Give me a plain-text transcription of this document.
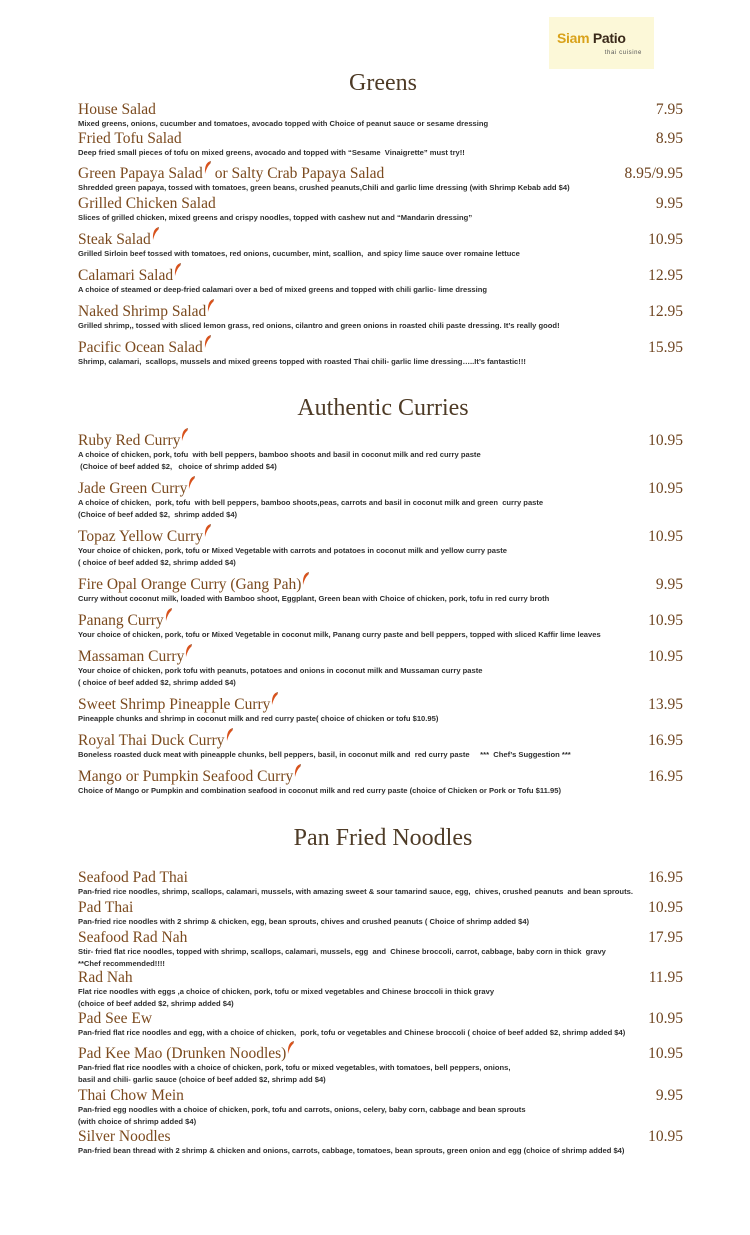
Siam Patio
thai cuisine
Greens
House Salad	7.95
Mixed greens, onions, cucumber and tomatoes, avocado topped with Choice of peanut sauce or sesame dressing
Fried Tofu Salad	8.95
Deep fried small pieces of tofu on mixed greens, avocado and topped with “Sesame  Vinaigrette” must try!!
Green Papaya Salad or Salty Crab Papaya Salad	8.95/9.95
Shredded green papaya, tossed with tomatoes, green beans, crushed peanuts,Chili and garlic lime dressing (with Shrimp Kebab add $4)
Grilled Chicken Salad	9.95
Slices of grilled chicken, mixed greens and crispy noodles, topped with cashew nut and “Mandarin dressing”
Steak Salad	10.95
Grilled Sirloin beef tossed with tomatoes, red onions, cucumber, mint, scallion,  and spicy lime sauce over romaine lettuce
Calamari Salad	12.95
A choice of steamed or deep-fried calamari over a bed of mixed greens and topped with chili garlic- lime dressing
Naked Shrimp Salad	12.95
Grilled shrimp,, tossed with sliced lemon grass, red onions, cilantro and green onions in roasted chili paste dressing. It’s really good!
Pacific Ocean Salad	15.95
Shrimp, calamari,  scallops, mussels and mixed greens topped with roasted Thai chili- garlic lime dressing…..It’s fantastic!!!
Authentic Curries
Ruby Red Curry	10.95
A choice of chicken, pork, tofu  with bell peppers, bamboo shoots and basil in coconut milk and red curry paste
(Choice of beef added $2,   choice of shrimp added $4)
Jade Green Curry	10.95
A choice of chicken,  pork, tofu  with bell peppers, bamboo shoots,peas, carrots and basil in coconut milk and green  curry paste
(Choice of beef added $2,  shrimp added $4)
Topaz Yellow Curry	10.95
Your choice of chicken, pork, tofu or Mixed Vegetable with carrots and potatoes in coconut milk and yellow curry paste
( choice of beef added $2, shrimp added $4)
Fire Opal Orange Curry (Gang Pah)	9.95
Curry without coconut milk, loaded with Bamboo shoot, Eggplant, Green bean with Choice of chicken, pork, tofu in red curry broth
Panang Curry	10.95
Your choice of chicken, pork, tofu or Mixed Vegetable in coconut milk, Panang curry paste and bell peppers, topped with sliced Kaffir lime leaves
Massaman Curry	10.95
Your choice of chicken, pork tofu with peanuts, potatoes and onions in coconut milk and Mussaman curry paste
( choice of beef added $2, shrimp added $4)
Sweet Shrimp Pineapple Curry	13.95
Pineapple chunks and shrimp in coconut milk and red curry paste( choice of chicken or tofu $10.95)
Royal Thai Duck Curry	16.95
Boneless roasted duck meat with pineapple chunks, bell peppers, basil, in coconut milk and  red curry paste     ***  Chef’s Suggestion ***
Mango or Pumpkin Seafood Curry	16.95
Choice of Mango or Pumpkin and combination seafood in coconut milk and red curry paste (choice of Chicken or Pork or Tofu $11.95)
Pan Fried Noodles
Seafood Pad Thai	16.95
Pan-fried rice noodles, shrimp, scallops, calamari, mussels, with amazing sweet & sour tamarind sauce, egg,  chives, crushed peanuts  and bean sprouts.
Pad Thai	10.95
Pan-fried rice noodles with 2 shrimp & chicken, egg, bean sprouts, chives and crushed peanuts ( Choice of shrimp added $4)
Seafood Rad Nah	17.95
Stir- fried flat rice noodles, topped with shrimp, scallops, calamari, mussels, egg  and  Chinese broccoli, carrot, cabbage, baby corn in thick  gravy
**Chef recommended!!!!
Rad Nah	11.95
Flat rice noodles with eggs ,a choice of chicken, pork, tofu or mixed vegetables and Chinese broccoli in thick gravy
(choice of beef added $2, shrimp added $4)
Pad See Ew	10.95
Pan-fried flat rice noodles and egg, with a choice of chicken,  pork, tofu or vegetables and Chinese broccoli ( choice of beef added $2, shrimp added $4)
Pad Kee Mao (Drunken Noodles)	10.95
Pan-fried flat rice noodles with a choice of chicken, pork, tofu or mixed vegetables, with tomatoes, bell peppers, onions,
basil and chili- garlic sauce (choice of beef added $2, shrimp add $4)
Thai Chow Mein	9.95
Pan-fried egg noodles with a choice of chicken, pork, tofu and carrots, onions, celery, baby corn, cabbage and bean sprouts
(with choice of shrimp added $4)
Silver Noodles	10.95
Pan-fried bean thread with 2 shrimp & chicken and onions, carrots, cabbage, tomatoes, bean sprouts, green onion and egg (choice of shrimp added $4)
